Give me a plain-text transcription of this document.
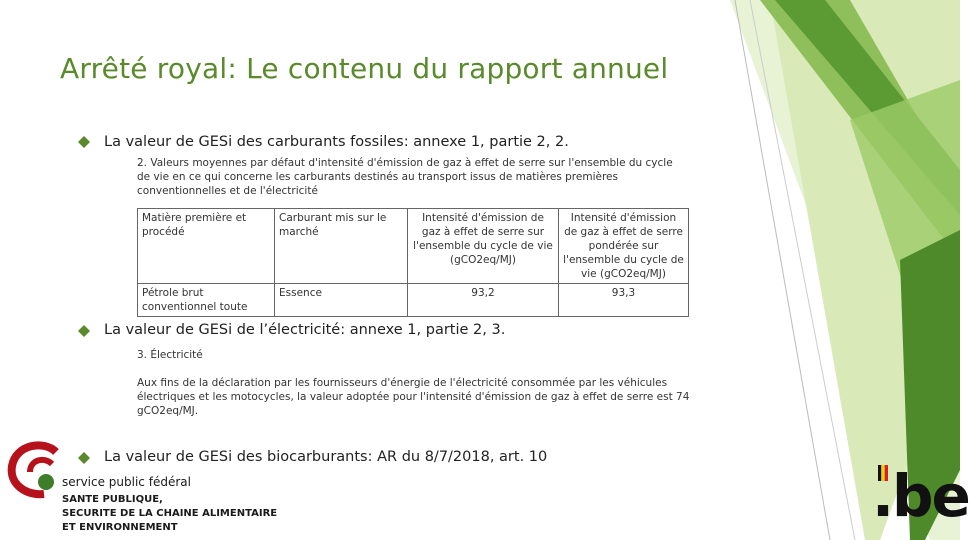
Arrêté royal: Le contenu du rapport annuel
La valeur de GESi des carburants fossiles: annexe 1, partie 2, 2.
2. Valeurs moyennes par défaut d'intensité d'émission de gaz à effet de serre sur l'ensemble du cycle de vie en ce qui concerne les carburants destinés au transport issus de matières premières conventionnelles et de l'électricité
Matière première et procédé	Carburant mis sur le marché	Intensité d'émission de gaz à effet de serre sur l'ensemble du cycle de vie (gCO2eq/MJ)	Intensité d'émission de gaz à effet de serre pondérée sur l'ensemble du cycle de vie (gCO2eq/MJ)
Pétrole brut conventionnel toute	Essence	93,2	93,3
La valeur de GESi de l’électricité: annexe 1, partie 2, 3.
3. Électricité
Aux fins de la déclaration par les fournisseurs d'énergie de l'électricité consommée par les véhicules électriques et les motocycles, la valeur adoptée pour l'intensité d'émission de gaz à effet de serre est 74 gCO2eq/MJ.
La valeur de GESi des biocarburants: AR du 8/7/2018, art. 10
service public fédéral
SANTE PUBLIQUE,
SECURITE DE LA CHAINE ALIMENTAIRE
ET ENVIRONNEMENT	.be
